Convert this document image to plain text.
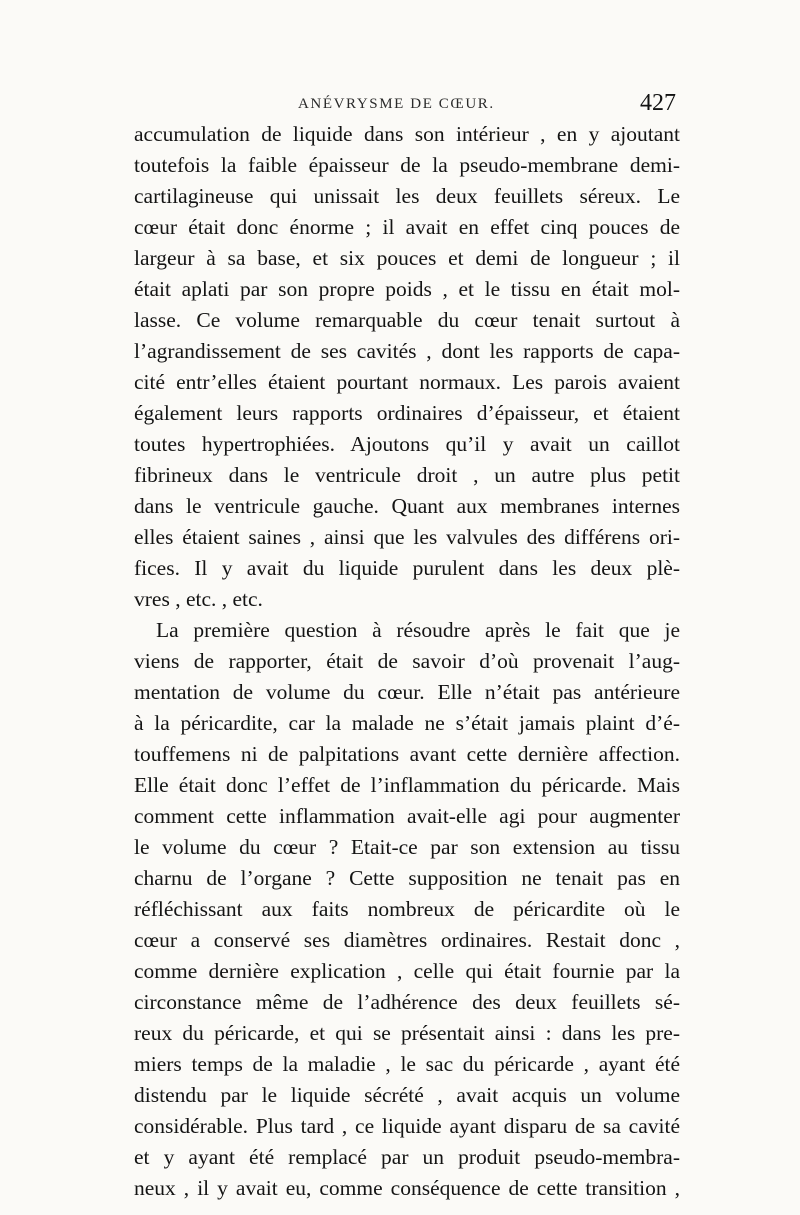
ANÉVRYSME DE CŒUR.	427
accumulation de liquide dans son intérieur , en y ajoutant
toutefois la faible épaisseur de la pseudo-membrane demi-
cartilagineuse qui unissait les deux feuillets séreux. Le
cœur était donc énorme ; il avait en effet cinq pouces de
largeur à sa base, et six pouces et demi de longueur ; il
était aplati par son propre poids , et le tissu en était mol-
lasse. Ce volume remarquable du cœur tenait surtout à
l’agrandissement de ses cavités , dont les rapports de capa-
cité entr’elles étaient pourtant normaux. Les parois avaient
également leurs rapports ordinaires d’épaisseur, et étaient
toutes hypertrophiées. Ajoutons qu’il y avait un caillot
fibrineux dans le ventricule droit , un autre plus petit
dans le ventricule gauche. Quant aux membranes internes
elles étaient saines , ainsi que les valvules des différens ori-
fices. Il y avait du liquide purulent dans les deux plè-
vres , etc. , etc.
La première question à résoudre après le fait que je
viens de rapporter, était de savoir d’où provenait l’aug-
mentation de volume du cœur. Elle n’était pas antérieure
à la péricardite, car la malade ne s’était jamais plaint d’é-
touffemens ni de palpitations avant cette dernière affection.
Elle était donc l’effet de l’inflammation du péricarde. Mais
comment cette inflammation avait-elle agi pour augmenter
le volume du cœur ? Etait-ce par son extension au tissu
charnu de l’organe ? Cette supposition ne tenait pas en
réfléchissant aux faits nombreux de péricardite où le
cœur a conservé ses diamètres ordinaires. Restait donc ,
comme dernière explication , celle qui était fournie par la
circonstance même de l’adhérence des deux feuillets sé-
reux du péricarde, et qui se présentait ainsi : dans les pre-
miers temps de la maladie , le sac du péricarde , ayant été
distendu par le liquide sécrété , avait acquis un volume
considérable. Plus tard , ce liquide ayant disparu de sa cavité
et y ayant été remplacé par un produit pseudo-membra-
neux , il y avait eu, comme conséquence de cette transition ,
